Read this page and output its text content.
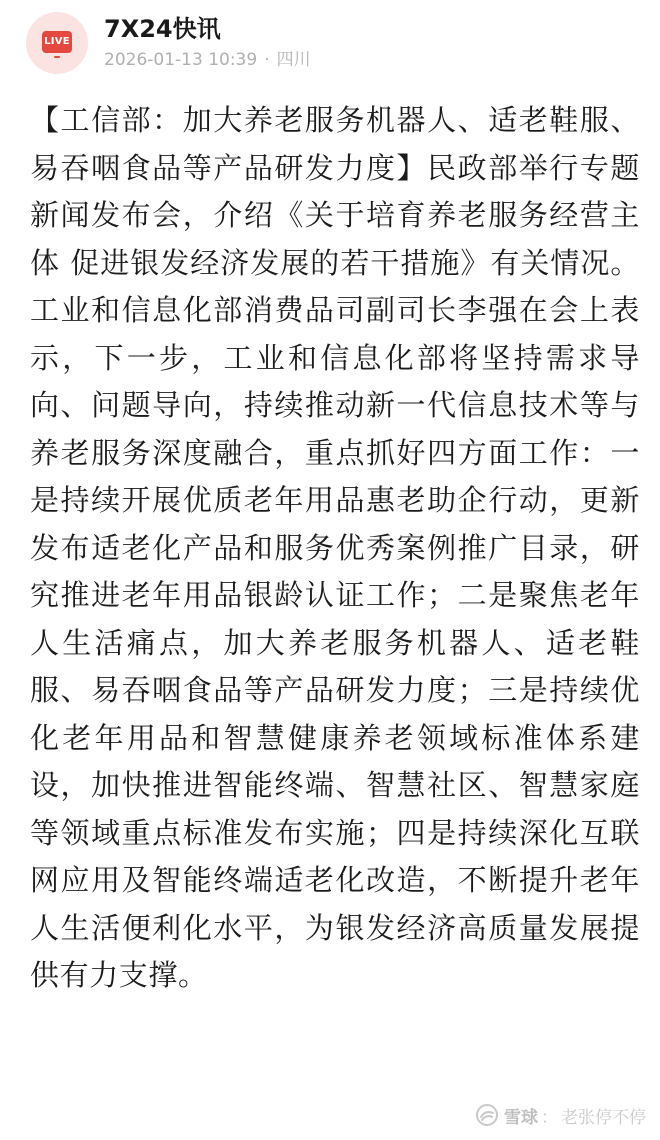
LIVE 7X24快讯
2026-01-13 10:39 · 四川
【工信部：加大养老服务机器人、适老鞋服、易吞咽食品等产品研发力度】民政部举行专题新闻发布会，介绍《关于培育养老服务经营主体 促进银发经济发展的若干措施》有关情况。工业和信息化部消费品司副司长李强在会上表示，下一步，工业和信息化部将坚持需求导向、问题导向，持续推动新一代信息技术等与养老服务深度融合，重点抓好四方面工作：一是持续开展优质老年用品惠老助企行动，更新发布适老化产品和服务优秀案例推广目录，研究推进老年用品银龄认证工作；二是聚焦老年人生活痛点，加大养老服务机器人、适老鞋服、易吞咽食品等产品研发力度；三是持续优化老年用品和智慧健康养老领域标准体系建设，加快推进智能终端、智慧社区、智慧家庭等领域重点标准发布实施；四是持续深化互联网应用及智能终端适老化改造，不断提升老年人生活便利化水平，为银发经济高质量发展提供有力支撑。
雪球 ： 老张停不停
